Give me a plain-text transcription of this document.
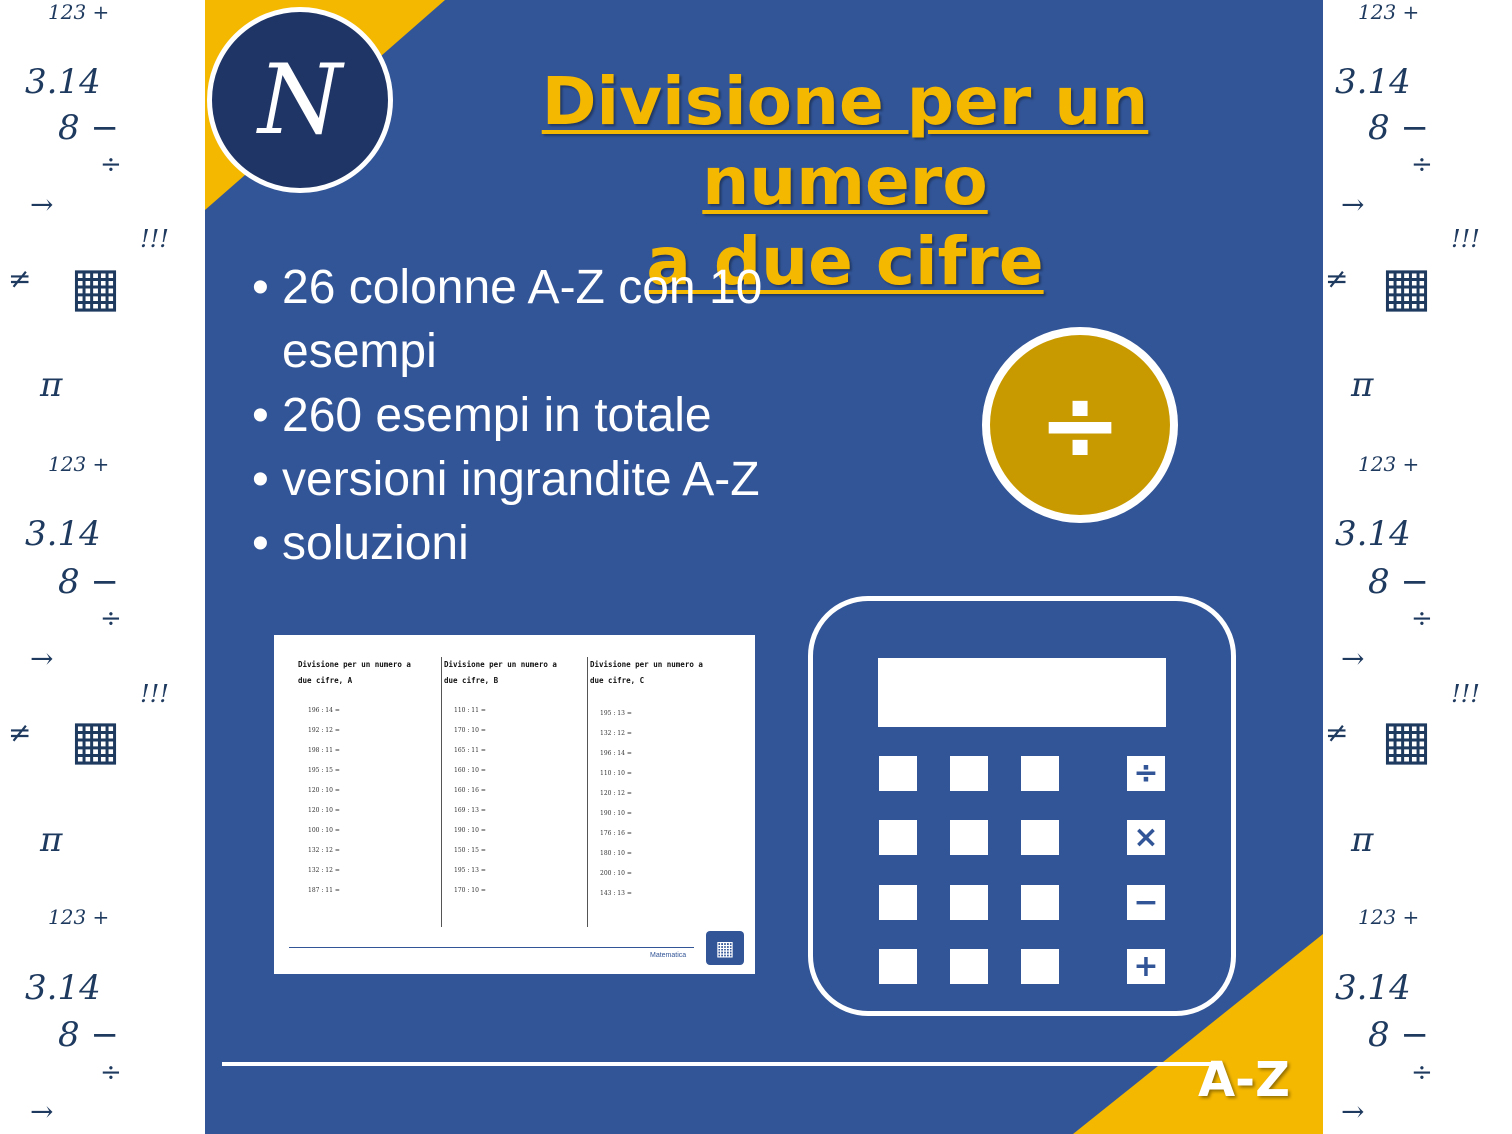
123 +
3.14
8 −
÷
→
!!!
≠ ▦
π
123 +
3.14
8 −
÷
→
!!!
≠ ▦
π
123 +
3.14
8 −
÷
→
123 +
3.14
8 −
÷
→
!!!
≠ ▦
π
123 +
3.14
8 −
÷
→
!!!
≠ ▦
π
123 +
3.14
8 −
÷
→
N	Divisione per un numero
a due cifre
• 26 colonne A-Z con 10 esempi
• 260 esempi in totale
• versioni ingrandite A-Z
• soluzioni
÷
Divisione per un numero a due cifre, A
196 : 14 =
192 : 12 =
198 : 11 =
195 : 15 =
120 : 10 =
120 : 10 =
100 : 10 =
132 : 12 =
132 : 12 =
187 : 11 =
Divisione per un numero a due cifre, B
110 : 11 =
170 : 10 =
165 : 11 =
160 : 10 =
160 : 16 =
169 : 13 =
190 : 10 =
150 : 15 =
195 : 13 =
170 : 10 =
Divisione per un numero a due cifre, C
195 : 13 =
132 : 12 =
196 : 14 =
110 : 10 =
120 : 12 =
190 : 10 =
176 : 16 =
180 : 10 =
200 : 10 =
143 : 13 =
Matematica	▦
÷
×
−
+
A-Z
